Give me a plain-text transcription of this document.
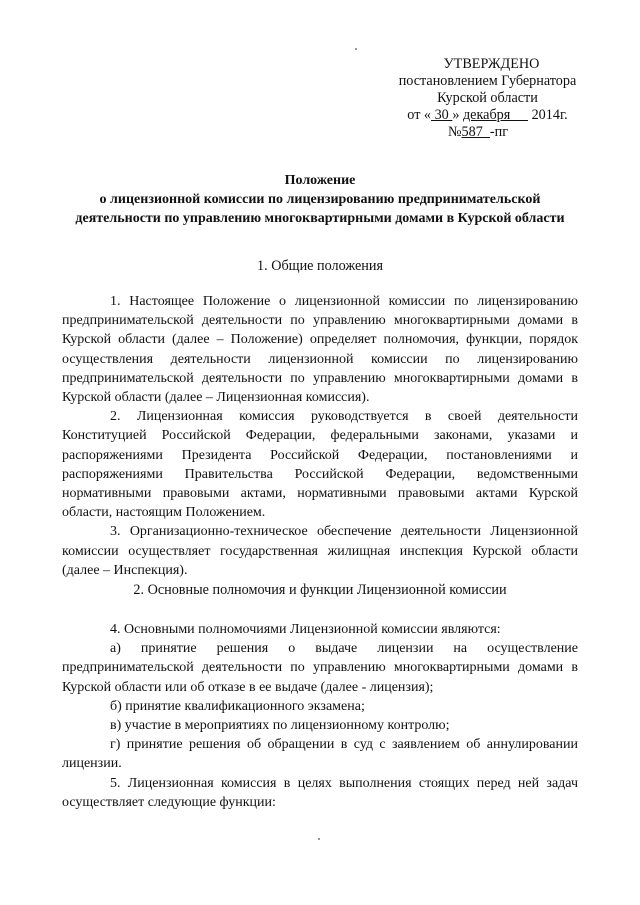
УТВЕРЖДЕНО
постановлением Губернатора
Курской области
от « 30 » декабря      2014г.
№587  -пг
Положение
о лицензионной комиссии по лицензированию предпринимательской деятельности по управлению многоквартирными домами в Курской области
1. Общие положения

1. Настоящее Положение о лицензионной комиссии по лицензированию предпринимательской деятельности по управлению многоквартирными домами в Курской области (далее – Положение) определяет полномочия, функции, порядок осуществления деятельности лицензионной комиссии по лицензированию предпринимательской деятельности по управлению многоквартирными домами в Курской области (далее – Лицензионная комиссия).

2. Лицензионная комиссия руководствуется в своей деятельности Конституцией Российской Федерации, федеральными законами, указами и распоряжениями Президента Российской Федерации, постановлениями и распоряжениями Правительства Российской Федерации, ведомственными нормативными правовыми актами, нормативными правовыми актами Курской области, настоящим Положением.

3. Организационно-техническое обеспечение деятельности Лицензионной комиссии осуществляет государственная жилищная инспекция Курской области (далее – Инспекция).

2. Основные полномочия и функции Лицензионной комиссии

4. Основными полномочиями Лицензионной комиссии являются:

а) принятие решения о выдаче лицензии на осуществление предпринимательской деятельности по управлению многоквартирными домами в Курской области или об отказе в ее выдаче (далее - лицензия);

б) принятие квалификационного экзамена;

в) участие в мероприятиях по лицензионному контролю;

г) принятие решения об обращении в суд с заявлением об аннулировании лицензии.

5. Лицензионная комиссия в целях выполнения стоящих перед ней задач осуществляет следующие функции:
